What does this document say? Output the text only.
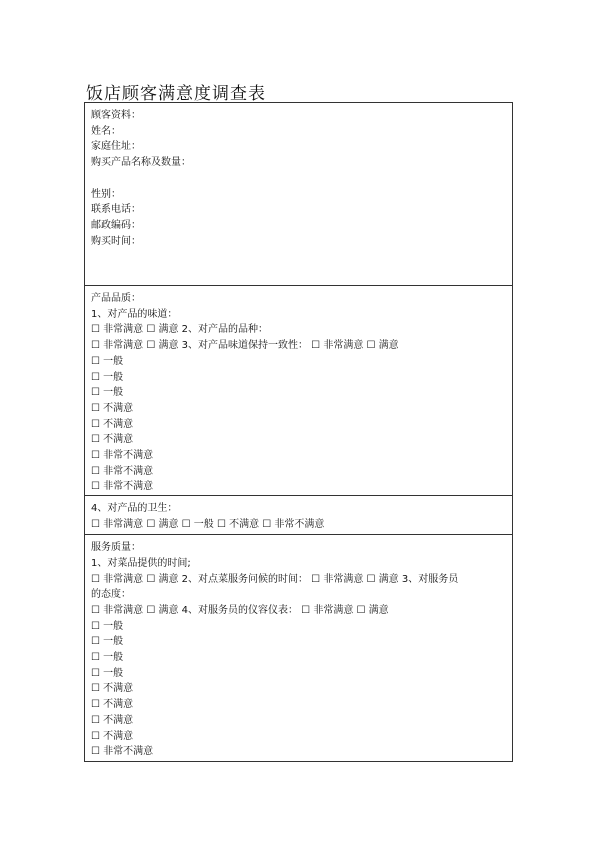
饭店顾客满意度调查表
顾客资料：
姓名：
家庭住址：
购买产品名称及数量：
性别：
联系电话：
邮政编码：
购买时间：

产品品质：
1、对产品的味道：
☐ 非常满意 ☐ 满意 2、对产品的品种：
☐ 非常满意 ☐ 满意 3、对产品味道保持一致性： ☐ 非常满意 ☐ 满意
☐ 一般
☐ 一般
☐ 一般
☐ 不满意
☐ 不满意
☐ 不满意
☐ 非常不满意
☐ 非常不满意
☐ 非常不满意

4、对产品的卫生：
☐ 非常满意 ☐ 满意 ☐ 一般 ☐ 不满意 ☐ 非常不满意

服务质量：
1、对菜品提供的时间;
☐ 非常满意 ☐ 满意 2、对点菜服务问候的时间： ☐ 非常满意 ☐ 满意 3、对服务员
的态度：
☐ 非常满意 ☐ 满意 4、对服务员的仪容仪表： ☐ 非常满意 ☐ 满意
☐ 一般
☐ 一般
☐ 一般
☐ 一般
☐ 不满意
☐ 不满意
☐ 不满意
☐ 不满意
☐ 非常不满意
